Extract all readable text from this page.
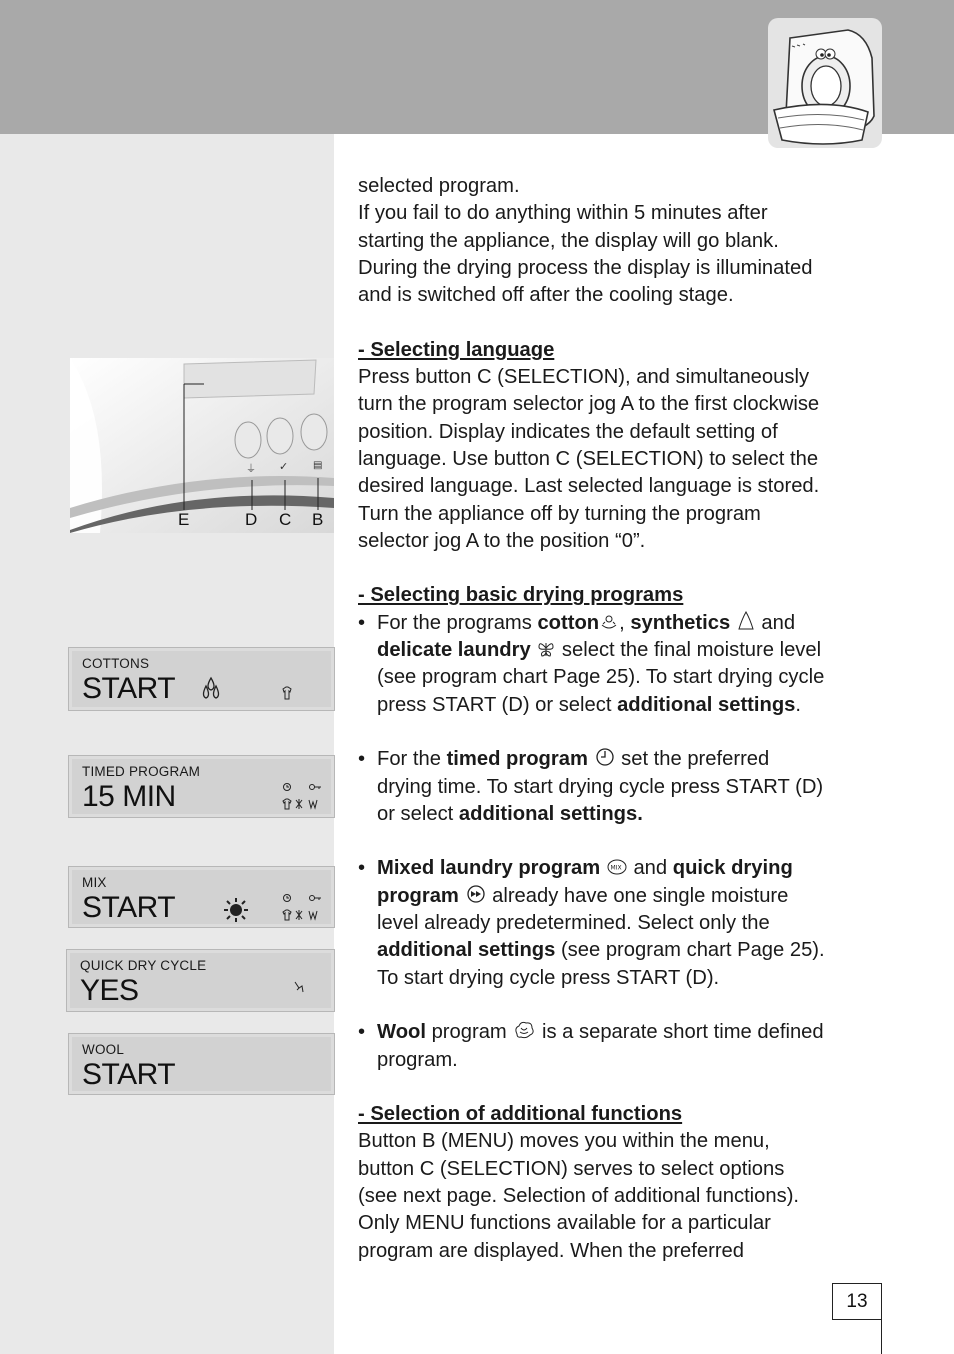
⏚ ✓ ▤
E	D C B
COTTONS
START
TIMED PROGRAM
15 MIN
MIX
START
QUICK DRY CYCLE
YES
WOOL
START

selected program.

If you fail to do anything within 5 minutes after

starting the appliance, the display will go blank.

During the drying process the display is illuminated

and is switched off after the cooling stage.

- Selecting language

Press button C (SELECTION), and simultaneously

turn the program selector jog A to the first clockwise

position. Display indicates the default setting of

language. Use button C (SELECTION) to select the

desired language. Last selected language is stored.

Turn the appliance off by turning the program

selector jog A to the position “0”.

- Selecting basic drying programs

• For the programs cotton , synthetics  and

delicate laundry  select the final moisture level

(see program chart Page 25). To start drying cycle

press START (D) or select additional settings.

• For the timed program  set the preferred

drying time. To start drying cycle press START (D)

or select additional settings.

• Mixed laundry program MIX and quick drying

program  already have one single moisture

level already predetermined. Select only the

additional settings (see program chart Page 25).

To start drying cycle press START (D).

• Wool program  is a separate short time defined

program.

- Selection of additional functions

Button B (MENU) moves you within the menu,

button C (SELECTION) serves to select options

(see next page. Selection of additional functions).

Only MENU functions available for a particular

program are displayed. When the preferred

13
